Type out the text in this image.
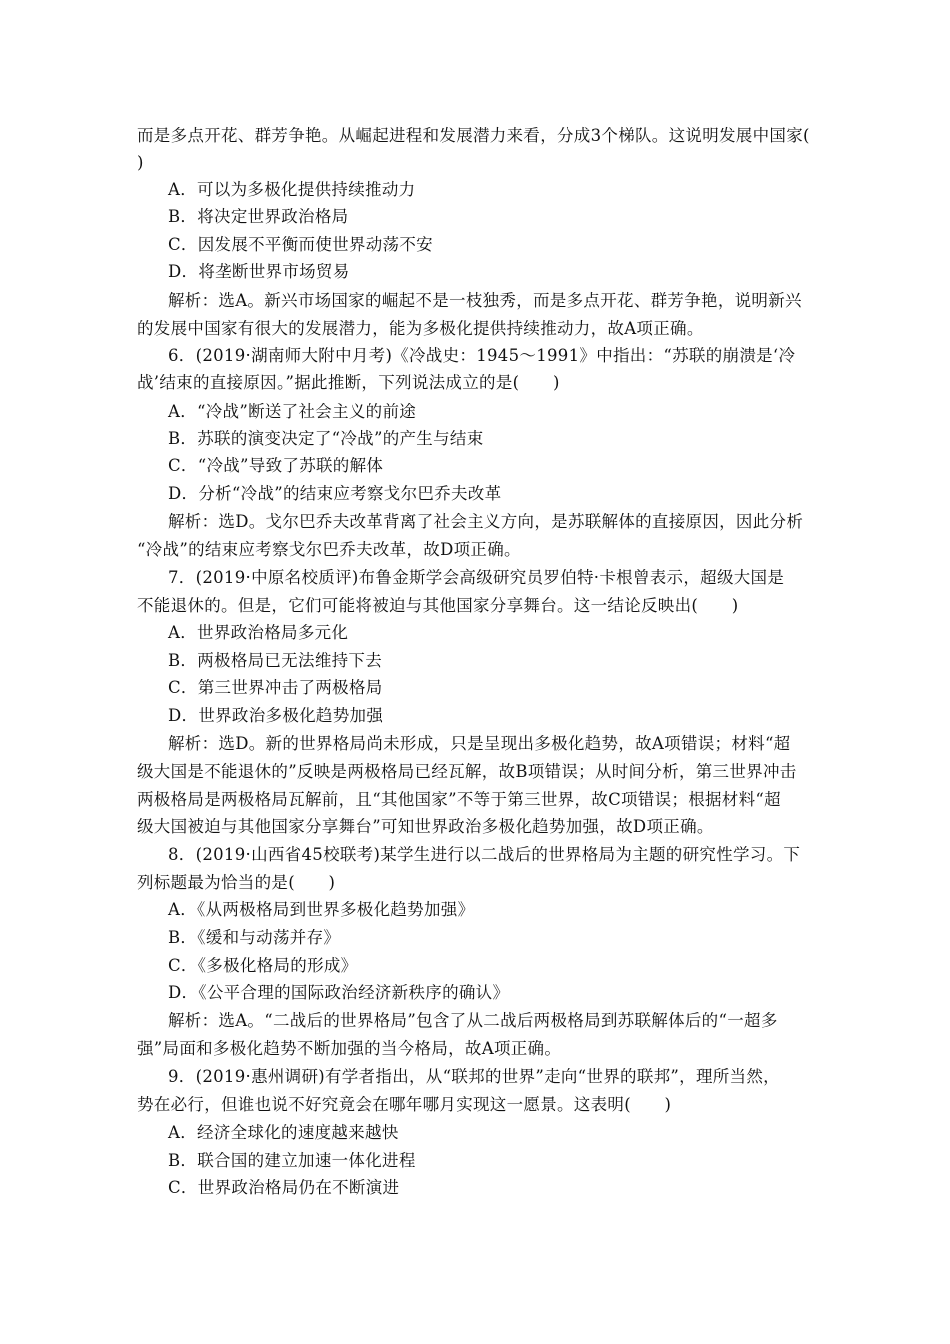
而是多点开花、群芳争艳。从崛起进程和发展潜力来看，分成3个梯队。这说明发展中国家(
)
A．可以为多极化提供持续推动力
B．将决定世界政治格局
C．因发展不平衡而使世界动荡不安
D．将垄断世界市场贸易
解析：选A。新兴市场国家的崛起不是一枝独秀，而是多点开花、群芳争艳，说明新兴
的发展中国家有很大的发展潜力，能为多极化提供持续推动力，故A项正确。
6．(2019·湖南师大附中月考)《冷战史：1945～1991》中指出：“苏联的崩溃是‘冷
战’结束的直接原因。”据此推断，下列说法成立的是(　　)
A．“冷战”断送了社会主义的前途
B．苏联的演变决定了“冷战”的产生与结束
C．“冷战”导致了苏联的解体
D．分析“冷战”的结束应考察戈尔巴乔夫改革
解析：选D。戈尔巴乔夫改革背离了社会主义方向，是苏联解体的直接原因，因此分析
“冷战”的结束应考察戈尔巴乔夫改革，故D项正确。
7．(2019·中原名校质评)布鲁金斯学会高级研究员罗伯特·卡根曾表示，超级大国是
不能退休的。但是，它们可能将被迫与其他国家分享舞台。这一结论反映出(　　)
A．世界政治格局多元化
B．两极格局已无法维持下去
C．第三世界冲击了两极格局
D．世界政治多极化趋势加强
解析：选D。新的世界格局尚未形成，只是呈现出多极化趋势，故A项错误；材料“超
级大国是不能退休的”反映是两极格局已经瓦解，故B项错误；从时间分析，第三世界冲击
两极格局是两极格局瓦解前，且“其他国家”不等于第三世界，故C项错误；根据材料“超
级大国被迫与其他国家分享舞台”可知世界政治多极化趋势加强，故D项正确。
8．(2019·山西省45校联考)某学生进行以二战后的世界格局为主题的研究性学习。下
列标题最为恰当的是(　　)
A．《从两极格局到世界多极化趋势加强》
B．《缓和与动荡并存》
C．《多极化格局的形成》
D．《公平合理的国际政治经济新秩序的确认》
解析：选A。“二战后的世界格局”包含了从二战后两极格局到苏联解体后的“一超多
强”局面和多极化趋势不断加强的当今格局，故A项正确。
9．(2019·惠州调研)有学者指出，从“联邦的世界”走向“世界的联邦”，理所当然，
势在必行，但谁也说不好究竟会在哪年哪月实现这一愿景。这表明(　　)
A．经济全球化的速度越来越快
B．联合国的建立加速一体化进程
C．世界政治格局仍在不断演进
